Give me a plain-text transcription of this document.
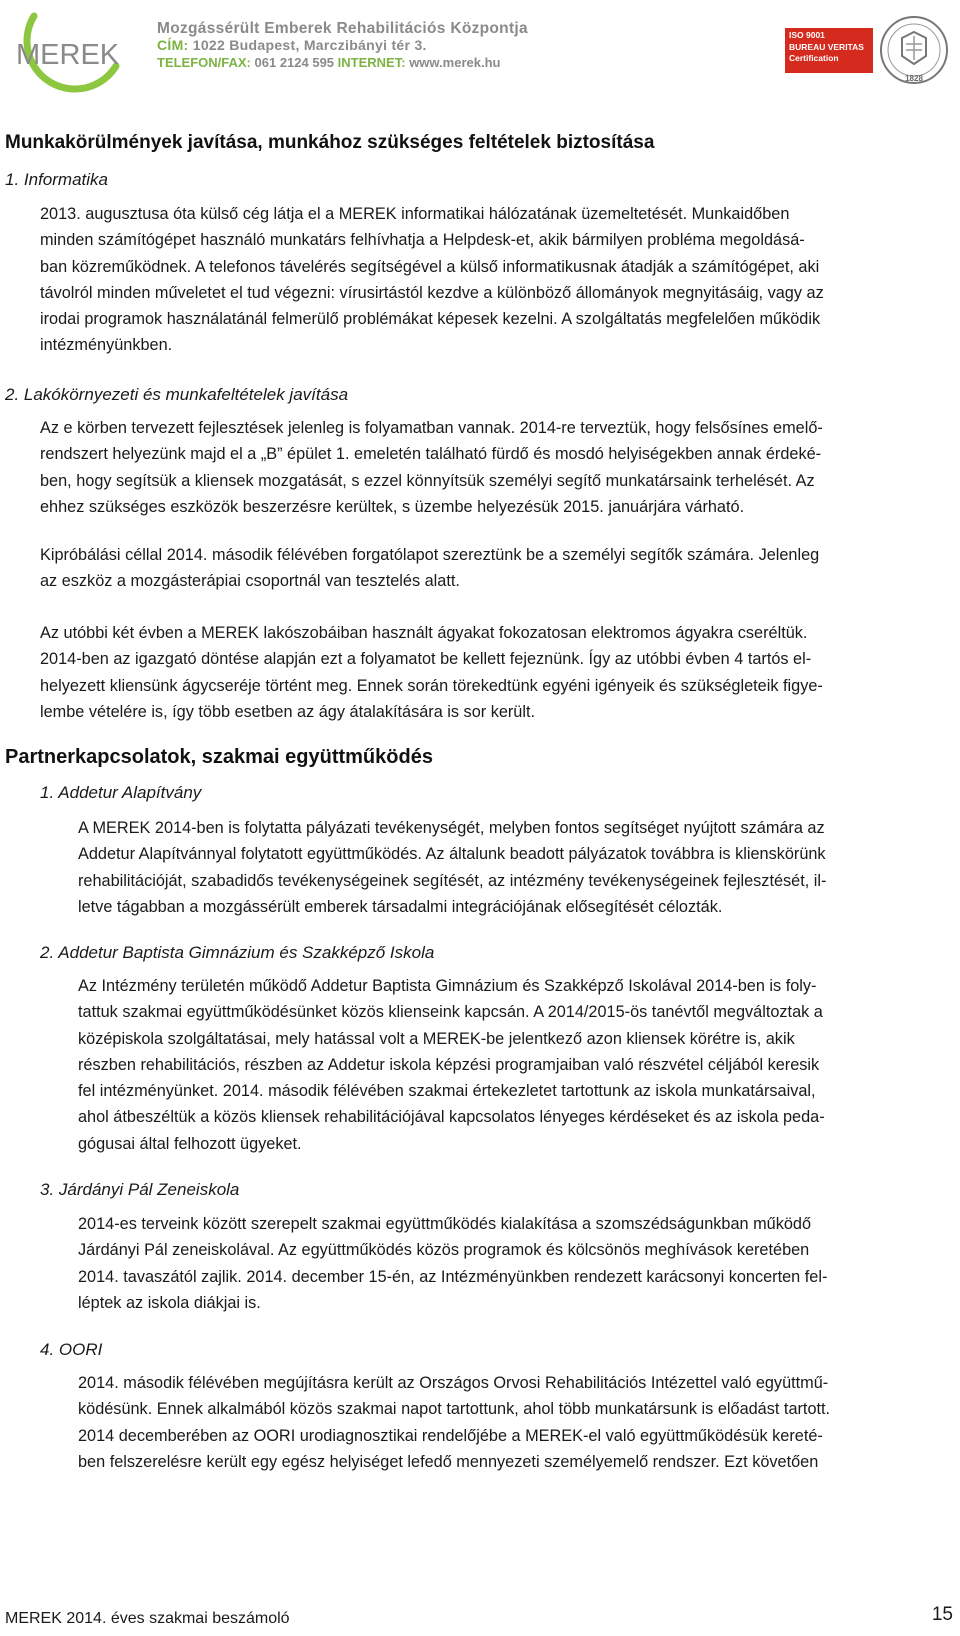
MEREK
Mozgássérült Emberek Rehabilitációs Központja
CÍM: 1022 Budapest, Marczibányi tér 3.
TELEFON/FAX: 061 2124 595 INTERNET: www.merek.hu
ISO 9001
BUREAU VERITAS
Certification
1828
Munkakörülmények javítása, munkához szükséges feltételek biztosítása
1. Informatika
2013. augusztusa óta külső cég látja el a MEREK informatikai hálózatának üzemeltetését. Munkaidőben
minden számítógépet használó munkatárs felhívhatja a Helpdesk-et, akik bármilyen probléma megoldásá-
ban közreműködnek. A telefonos távelérés segítségével a külső informatikusnak átadják a számítógépet, aki
távolról minden műveletet el tud végezni: vírusirtástól kezdve a különböző állományok megnyitásáig, vagy az
irodai programok használatánál felmerülő problémákat képesek kezelni. A szolgáltatás megfelelően működik
intézményünkben.
2. Lakókörnyezeti és munkafeltételek javítása
Az e körben tervezett fejlesztések jelenleg is folyamatban vannak. 2014-re terveztük, hogy felsősínes emelő-
rendszert helyezünk majd el a „B” épület 1. emeletén található fürdő és mosdó helyiségekben annak érdeké-
ben, hogy segítsük a kliensek mozgatását, s ezzel könnyítsük személyi segítő munkatársaink terhelését. Az
ehhez szükséges eszközök beszerzésre kerültek, s üzembe helyezésük 2015. januárjára várható.
Kipróbálási céllal 2014. második félévében forgatólapot szereztünk be a személyi segítők számára. Jelenleg
az eszköz a mozgásterápiai csoportnál van tesztelés alatt.
Az utóbbi két évben a MEREK lakószobáiban használt ágyakat fokozatosan elektromos ágyakra cseréltük.
2014-ben az igazgató döntése alapján ezt a folyamatot be kellett fejeznünk. Így az utóbbi évben 4 tartós el-
helyezett kliensünk ágycseréje történt meg. Ennek során törekedtünk egyéni igényeik és szükségleteik figye-
lembe vételére is, így több esetben az ágy átalakítására is sor került.
Partnerkapcsolatok, szakmai együttműködés
1. Addetur Alapítvány
A MEREK 2014-ben is folytatta pályázati tevékenységét, melyben fontos segítséget nyújtott számára az
Addetur Alapítvánnyal folytatott együttműködés. Az általunk beadott pályázatok továbbra is klienskörünk
rehabilitációját, szabadidős tevékenységeinek segítését, az intézmény tevékenységeinek fejlesztését, il-
letve tágabban a mozgássérült emberek társadalmi integrációjának elősegítését célozták.
2. Addetur Baptista Gimnázium és Szakképző Iskola
Az Intézmény területén működő Addetur Baptista Gimnázium és Szakképző Iskolával 2014-ben is foly-
tattuk szakmai együttműködésünket közös klienseink kapcsán. A 2014/2015-ös tanévtől megváltoztak a
középiskola szolgáltatásai, mely hatással volt a MEREK-be jelentkező azon kliensek körétre is, akik
részben rehabilitációs, részben az Addetur iskola képzési programjaiban való részvétel céljából keresik
fel intézményünket. 2014. második félévében szakmai értekezletet tartottunk az iskola munkatársaival,
ahol átbeszéltük a közös kliensek rehabilitációjával kapcsolatos lényeges kérdéseket és az iskola peda-
gógusai által felhozott ügyeket.
3. Járdányi Pál Zeneiskola
2014-es terveink között szerepelt szakmai együttműködés kialakítása a szomszédságunkban működő
Járdányi Pál zeneiskolával. Az együttműködés közös programok és kölcsönös meghívások keretében
2014. tavaszától zajlik. 2014. december 15-én, az Intézményünkben rendezett karácsonyi koncerten fel-
léptek az iskola diákjai is.
4. OORI
2014. második félévében megújításra került az Országos Orvosi Rehabilitációs Intézettel való együttmű-
ködésünk. Ennek alkalmából közös szakmai napot tartottunk, ahol több munkatársunk is előadást tartott.
2014 decemberében az OORI urodiagnosztikai rendelőjébe a MEREK-el való együttműködésük kereté-
ben felszerelésre került egy egész helyiséget lefedő mennyezeti személyemelő rendszer. Ezt követően
MEREK 2014. éves szakmai beszámoló	15
